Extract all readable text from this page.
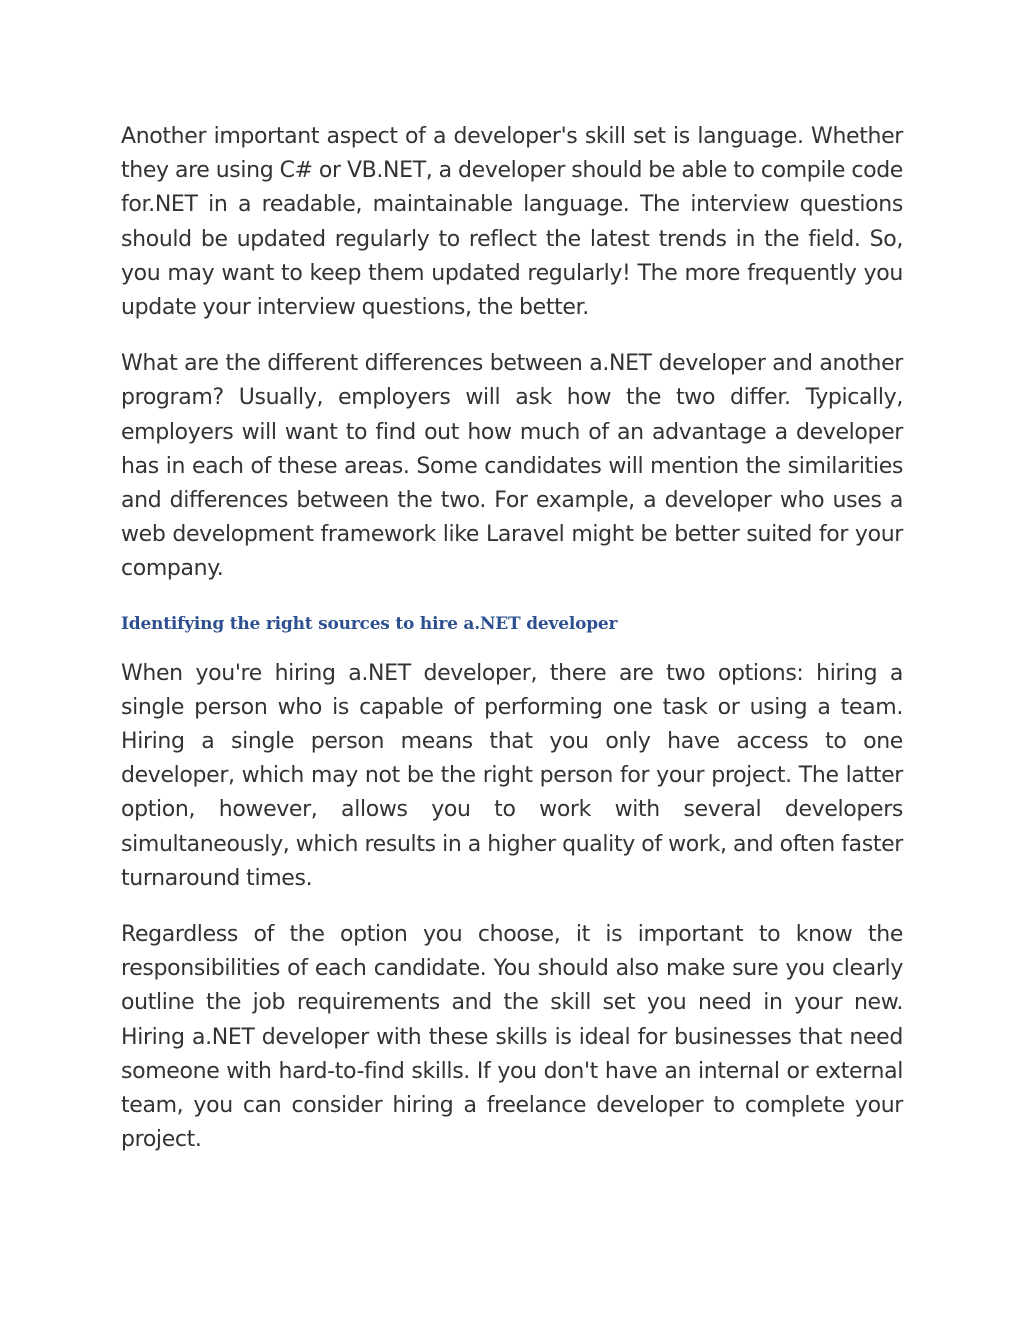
Another important aspect of a developer's skill set is language. Whether they are using C# or VB.NET, a developer should be able to compile code for.NET in a readable, maintainable language. The interview questions should be updated regularly to reflect the latest trends in the field. So, you may want to keep them updated regularly! The more frequently you update your interview questions, the better.

What are the different differences between a.NET developer and another program? Usually, employers will ask how the two differ. Typically, employers will want to find out how much of an advantage a developer has in each of these areas. Some candidates will mention the similarities and differences between the two. For example, a developer who uses a web development framework like Laravel might be better suited for your company.

Identifying the right sources to hire a.NET developer

When you're hiring a.NET developer, there are two options: hiring a single person who is capable of performing one task or using a team. Hiring a single person means that you only have access to one developer, which may not be the right person for your project. The latter option, however, allows you to work with several developers simultaneously, which results in a higher quality of work, and often faster turnaround times.

Regardless of the option you choose, it is important to know the responsibilities of each candidate. You should also make sure you clearly outline the job requirements and the skill set you need in your new. Hiring a.NET developer with these skills is ideal for businesses that need someone with hard-to-find skills. If you don't have an internal or external team, you can consider hiring a freelance developer to complete your project.
